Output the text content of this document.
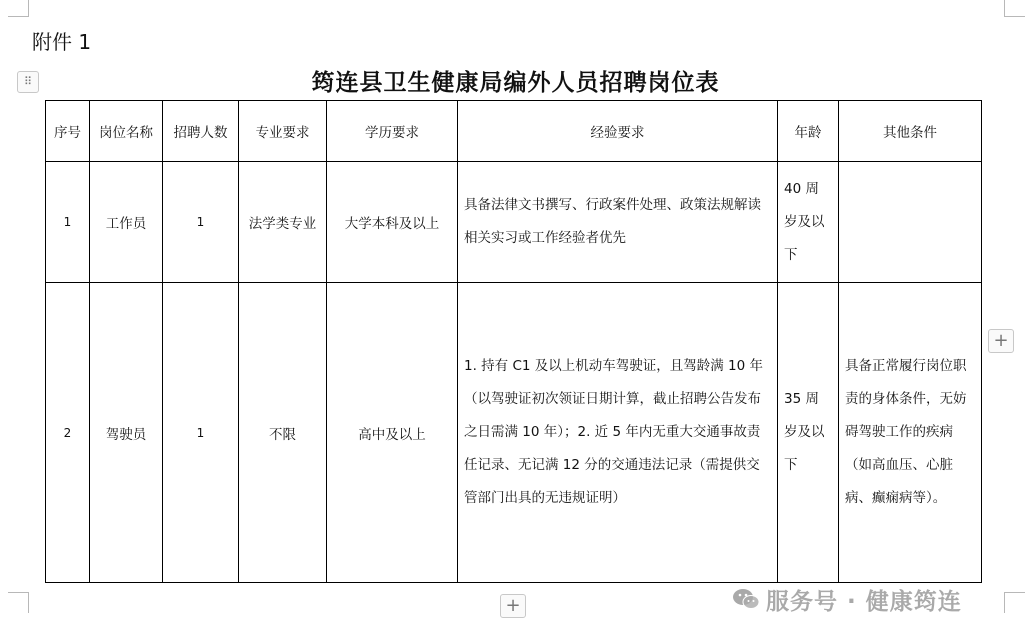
附件 1
筠连县卫生健康局编外人员招聘岗位表
⠿
序号	岗位名称	招聘人数	专业要求	学历要求	经验要求	年龄	其他条件
1	工作员	1	法学类专业	大学本科及以上	具备法律文书撰写、行政案件处理、政策法规解读相关实习或工作经验者优先	40 周岁及以下	
2	驾驶员	1	不限	高中及以上	1. 持有 C1 及以上机动车驾驶证，且驾龄满 10 年（以驾驶证初次领证日期计算，截止招聘公告发布之日需满 10 年）；2. 近 5 年内无重大交通事故责任记录、无记满 12 分的交通违法记录（需提供交管部门出具的无违规证明）	35 周岁及以下	具备正常履行岗位职责的身体条件，无妨碍驾驶工作的疾病（如高血压、心脏病、癫痫病等）。
+
+	服务号 · 健康筠连
